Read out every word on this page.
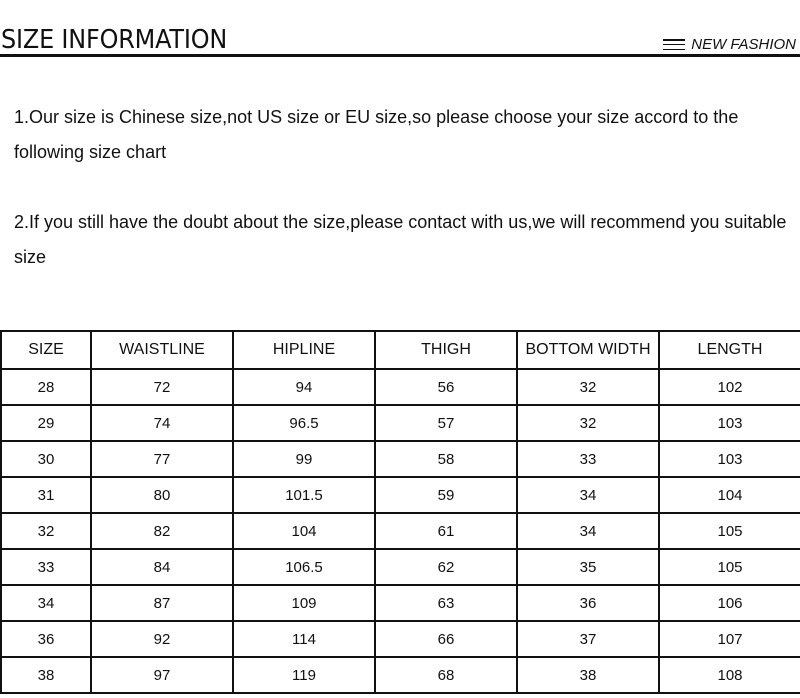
SIZE INFORMATION	NEW FASHION

1.Our size is Chinese size,not US size or EU size,so please choose your size accord to the following size chart

2.If you still have the doubt about the size,please contact with us,we will recommend you suitable size

SIZE	WAISTLINE	HIPLINE	THIGH	BOTTOM WIDTH	LENGTH
28	72	94	56	32	102
29	74	96.5	57	32	103
30	77	99	58	33	103
31	80	101.5	59	34	104
32	82	104	61	34	105
33	84	106.5	62	35	105
34	87	109	63	36	106
36	92	114	66	37	107
38	97	119	68	38	108
